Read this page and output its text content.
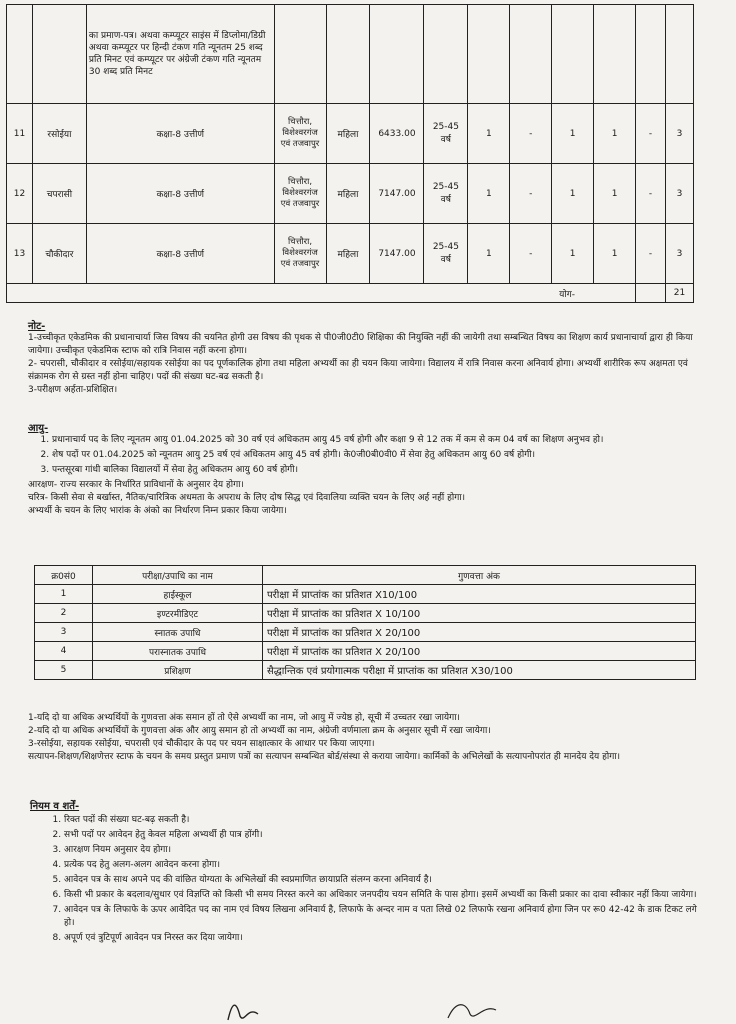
		का प्रमाण-पत्र। अथवा कम्प्यूटर साइंस में डिप्लोमा/डिग्री अथवा कम्प्यूटर पर हिन्दी टंकण गति न्यूनतम 25 शब्द प्रति मिनट एवं कम्प्यूटर पर अंग्रेजी टंकण गति न्यूनतम 30 शब्द प्रति मिनट										
11	रसोईया	कक्षा-8 उत्तीर्ण	चित्तौरा, विशेश्वरगंज एवं तजवापुर	महिला	6433.00	25-45 वर्ष	1	-	1	1	-	3
12	चपरासी	कक्षा-8 उत्तीर्ण	चित्तौरा, विशेश्वरगंज एवं तजवापुर	महिला	7147.00	25-45 वर्ष	1	-	1	1	-	3
13	चौकीदार	कक्षा-8 उत्तीर्ण	चित्तौरा, विशेश्वरगंज एवं तजवापुर	महिला	7147.00	25-45 वर्ष	1	-	1	1	-	3
योग-												21
नोट-

1-उच्चीकृत एकेडमिक की प्रधानाचार्या जिस विषय की चयनित होगी उस विषय की पृथक से पी0जी0टी0 शिक्षिका की नियुक्ति नहीं की जायेगी तथा सम्बन्धित विषय का शिक्षण कार्य प्रधानाचार्या द्वारा ही किया जायेगा। उच्चीकृत एकेडमिक स्टाफ को रात्रि निवास नहीं करना होगा।

2- चपरासी, चौकीदार व रसोईया/सहायक रसोईया का पद पूर्णकालिक होगा तथा महिला अभ्यर्थी का ही चयन किया जायेगा। विद्यालय में रात्रि निवास करना अनिवार्य होगा। अभ्यर्थी शारीरिक रूप अक्षमता एवं संक्रामक रोग से ग्रस्त नहीं होना चाहिए। पदों की संख्या घट-बढ सकती है।

3-परीक्षण अर्हता-प्रशिक्षित।

आयु-
1. प्रधानाचार्य पद के लिए न्यूनतम आयु 01.04.2025 को 30 वर्ष एवं अधिकतम आयु 45 वर्ष होगी और कक्षा 9 से 12 तक में कम से कम 04 वर्ष का शिक्षण अनुभव हो।
2. शेष पदों पर 01.04.2025 को न्यूनतम आयु 25 वर्ष एवं अधिकतम आयु 45 वर्ष होगी। के0जी0बी0वी0 में सेवा हेतु अधिकतम आयु 60 वर्ष होगी।
3. पन्तसूरबा गांधी बालिका विद्यालयों में सेवा हेतु अधिकतम आयु 60 वर्ष होगी।

आरक्षण- राज्य सरकार के निर्धारित प्राविधानों के अनुसार देय होगा।

चरित्र- किसी सेवा से बर्खास्त, नैतिक/चारित्रिक अधमता के अपराध के लिए दोष सिद्ध एवं दिवालिया व्यक्ति चयन के लिए अर्ह नहीं होगा।

अभ्यर्थी के चयन के लिए भारांक के अंको का निर्धारण निम्न प्रकार किया जायेगा।

क्र0सं0	परीक्षा/उपाधि का नाम	गुणवत्ता अंक
1	हाईस्कूल	परीक्षा में प्राप्तांक का प्रतिशत X10/100
2	इण्टरमीडिएट	परीक्षा में प्राप्तांक का प्रतिशत X 10/100
3	स्नातक उपाधि	परीक्षा में प्राप्तांक का प्रतिशत X 20/100
4	परास्नातक उपाधि	परीक्षा में प्राप्तांक का प्रतिशत X 20/100
5	प्रशिक्षण	सैद्धान्तिक एवं प्रयोगात्मक परीक्षा में प्राप्तांक का प्रतिशत X30/100

1-यदि दो या अधिक अभ्यर्थियों के गुणवत्ता अंक समान हों तो ऐसे अभ्यर्थी का नाम, जो आयु में ज्येष्ठ हो, सूची में उच्चतर रखा जायेगा।

2-यदि दो या अधिक अभ्यर्थियों के गुणवत्ता अंक और आयु समान हो तो अभ्यर्थी का नाम, अंग्रेजी वर्णमाला क्रम के अनुसार सूची में रखा जायेगा।

3-रसोईया, सहायक रसोईया, चपरासी एवं चौकीदार के पद पर चयन साक्षात्कार के आधार पर किया जाएगा।

सत्यापन-शिक्षण/शिक्षणेत्तर स्टाफ के चयन के समय प्रस्तुत प्रमाण पत्रों का सत्यापन सम्बन्धित बोर्ड/संस्था से कराया जायेगा। कार्मिकों के अभिलेखों के सत्यापनोपरांत ही मानदेय देय होगा।

नियम व शर्तें-
1. रिक्त पदों की संख्या घट-बढ़ सकती है।
2. सभी पदों पर आवेदन हेतु केवल महिला अभ्यर्थी ही पात्र होंगी।
3. आरक्षण नियम अनुसार देय होगा।
4. प्रत्येक पद हेतु अलग-अलग आवेदन करना होगा।
5. आवेदन पत्र के साथ अपने पद की वांछित योग्यता के अभिलेखों की स्वप्रमाणित छायाप्रति संलग्न करना अनिवार्य है।
6. किसी भी प्रकार के बदलाव/सुधार एवं विज्ञप्ति को किसी भी समय निरस्त करने का अधिकार जनपदीय चयन समिति के पास होगा। इसमें अभ्यर्थी का किसी प्रकार का दावा स्वीकार नहीं किया जायेगा।
7. आवेदन पत्र के लिफाफे के ऊपर आवेदित पद का नाम एवं विषय लिखना अनिवार्य है, लिफाफे के अन्दर नाम व पता लिखे 02 लिफाफे रखना अनिवार्य होगा जिन पर रू0 42-42 के डाक टिकट लगे हो।
8. अपूर्ण एवं त्रुटिपूर्ण आवेदन पत्र निरस्त कर दिया जायेगा।
